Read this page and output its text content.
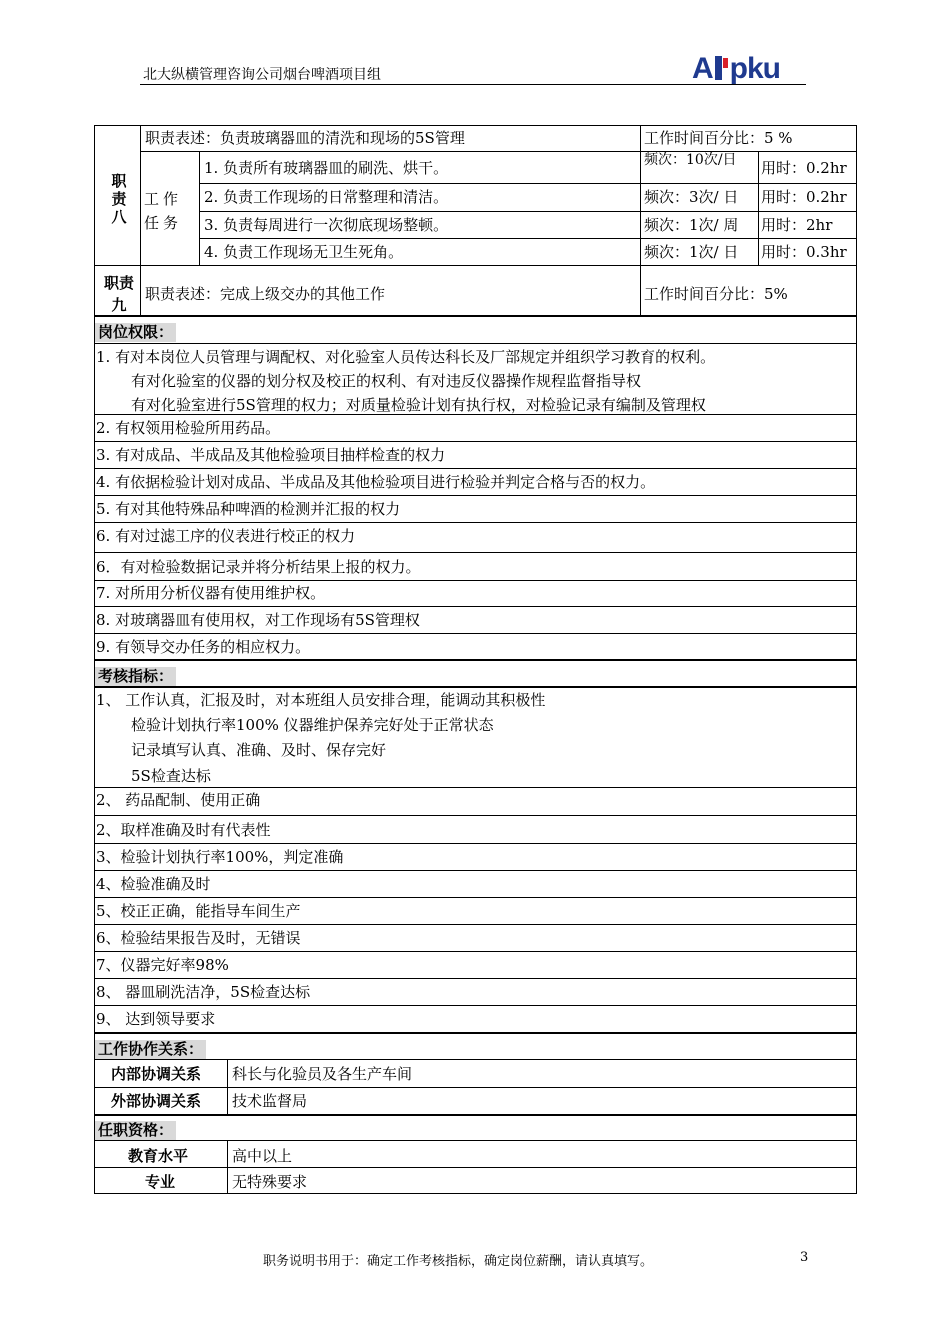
北大纵横管理咨询公司烟台啤酒项目组	A pku
职责八
职责表述：负责玻璃器皿的清洗和现场的5S管理	工作时间百分比：5 %
工作任务
1. 负责所有玻璃器皿的刷洗、烘干。	频次：10次/日	用时：0.2hr
2. 负责工作现场的日常整理和清洁。	频次：3次/ 日 用时：0.2hr
3. 负责每周进行一次彻底现场整顿。	频次：1次/ 周 用时：2hr
4. 负责工作现场无卫生死角。	频次：1次/ 日 用时：0.3hr
职责九
职责表述：完成上级交办的其他工作	工作时间百分比：5%
岗位权限：
1. 有对本岗位人员管理与调配权、对化验室人员传达科长及厂部规定并组织学习教育的权利。
有对化验室的仪器的划分权及校正的权利、有对违反仪器操作规程监督指导权
有对化验室进行5S管理的权力；对质量检验计划有执行权，对检验记录有编制及管理权
2. 有权领用检验所用药品。
3. 有对成品、半成品及其他检验项目抽样检查的权力
4. 有依据检验计划对成品、半成品及其他检验项目进行检验并判定合格与否的权力。
5. 有对其他特殊品种啤酒的检测并汇报的权力
6. 有对过滤工序的仪表进行校正的权力
6．有对检验数据记录并将分析结果上报的权力。
7. 对所用分析仪器有使用维护权。
8. 对玻璃器皿有使用权，对工作现场有5S管理权
9. 有领导交办任务的相应权力。
考核指标：
1、 工作认真，汇报及时，对本班组人员安排合理，能调动其积极性
检验计划执行率100% 仪器维护保养完好处于正常状态
记录填写认真、准确、及时、保存完好
5S检查达标
2、 药品配制、使用正确
2、取样准确及时有代表性
3、检验计划执行率100%，判定准确
4、检验准确及时
5、校正正确，能指导车间生产
6、检验结果报告及时，无错误
7、仪器完好率98%
8、 器皿刷洗洁净，5S检查达标
9、 达到领导要求
工作协作关系：
内部协调关系 科长与化验员及各生产车间
外部协调关系 技术监督局
任职资格：
教育水平	高中以上
专业	无特殊要求
职务说明书用于：确定工作考核指标，确定岗位薪酬，请认真填写。	3
